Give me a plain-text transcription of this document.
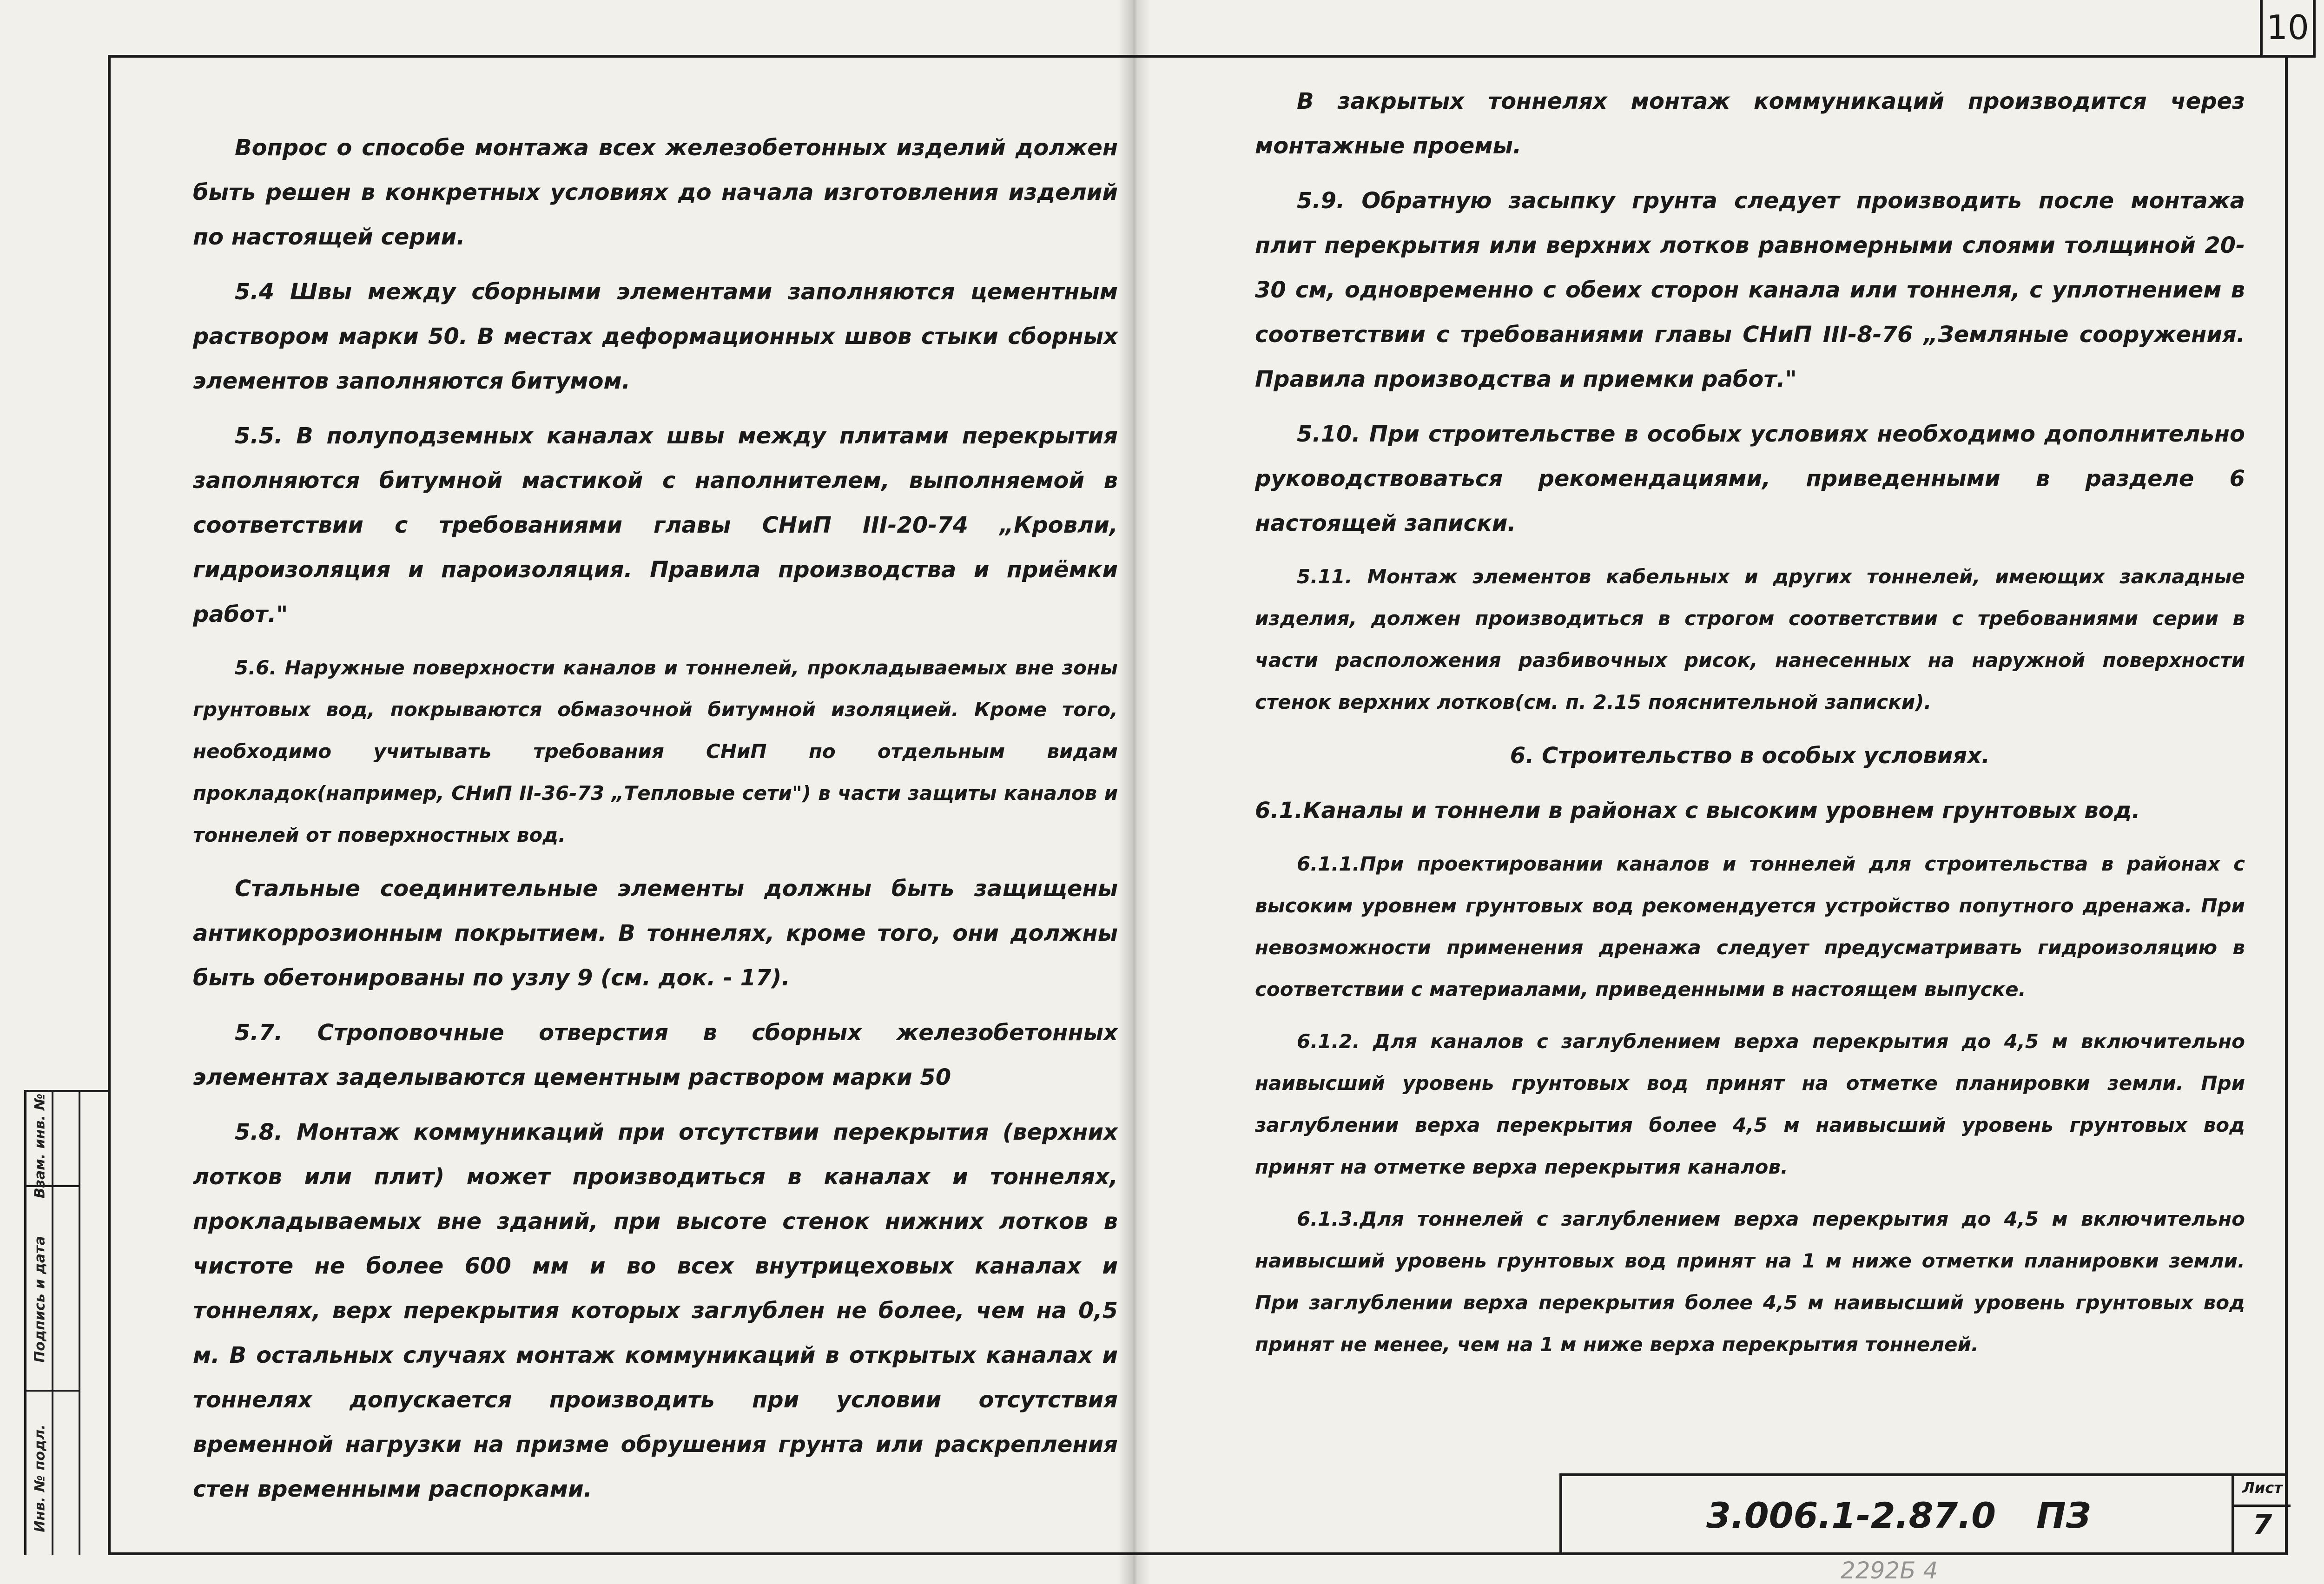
10
Взам. инв. №
Подпись и дата
Инв. № подл.

Вопрос о способе монтажа всех железобетонных изделий должен быть решен в конкретных условиях до начала изготовления изделий по настоящей серии.

5.4 Швы между сборными элементами заполняются цементным раствором марки 50. В местах деформационных швов стыки сборных элементов заполняются битумом.

5.5. В полуподземных каналах швы между плитами перекрытия заполняются битумной мастикой с наполнителем, выполняемой в соответствии с требованиями главы СНиП III-20-74 „Кровли, гидроизоляция и пароизоляция. Правила производства и приёмки работ."

5.6. Наружные поверхности каналов и тоннелей, прокладываемых вне зоны грунтовых вод, покрываются обмазочной битумной изоляцией. Кроме того, необходимо учитывать требования СНиП по отдельным видам прокладок(например, СНиП II-36-73 „Тепловые сети") в части защиты каналов и тоннелей от поверхностных вод.

Стальные соединительные элементы должны быть защищены антикоррозионным покрытием. В тоннелях, кроме того, они должны быть обетонированы по узлу 9 (см. док. - 17).

5.7. Строповочные отверстия в сборных железобетонных элементах заделываются цементным раствором марки 50

5.8. Монтаж коммуникаций при отсутствии перекрытия (верхних лотков или плит) может производиться в каналах и тоннелях, прокладываемых вне зданий, при высоте стенок нижних лотков в чистоте не более 600 мм и во всех внутрицеховых каналах и тоннелях, верх перекрытия которых заглублен не более, чем на 0,5 м. В остальных случаях монтаж коммуникаций в открытых каналах и тоннелях допускается производить при условии отсутствия временной нагрузки на призме обрушения грунта или раскрепления стен временными распорками.

В закрытых тоннелях монтаж коммуникаций производится через монтажные проемы.

5.9. Обратную засыпку грунта следует производить после монтажа плит перекрытия или верхних лотков равномерными слоями толщиной 20-30 см, одновременно с обеих сторон канала или тоннеля, с уплотнением в соответствии с требованиями главы СНиП III-8-76 „Земляные сооружения. Правила производства и приемки работ."

5.10. При строительстве в особых условиях необходимо дополнительно руководствоваться рекомендациями, приведенными в разделе 6 настоящей записки.

5.11. Монтаж элементов кабельных и других тоннелей, имеющих закладные изделия, должен производиться в строгом соответствии с требованиями серии в части расположения разбивочных рисок, нанесенных на наружной поверхности стенок верхних лотков(см. п. 2.15 пояснительной записки).

6. Строительство в особых условиях.

6.1.Каналы и тоннели в районах с высоким уровнем грунтовых вод.

6.1.1.При проектировании каналов и тоннелей для строительства в районах с высоким уровнем грунтовых вод рекомендуется устройство попутного дренажа. При невозможности применения дренажа следует предусматривать гидроизоляцию в соответствии с материалами, приведенными в настоящем выпуске.

6.1.2. Для каналов с заглублением верха перекрытия до 4,5 м включительно наивысший уровень грунтовых вод принят на отметке планировки земли. При заглублении верха перекрытия более 4,5 м наивысший уровень грунтовых вод принят на отметке верха перекрытия каналов.

6.1.3.Для тоннелей с заглублением верха перекрытия до 4,5 м включительно наивысший уровень грунтовых вод принят на 1 м ниже отметки планировки земли. При заглублении верха перекрытия более 4,5 м наивысший уровень грунтовых вод принят не менее, чем на 1 м ниже верха перекрытия тоннелей.

3.006.1-2.87.0 ПЗ
Лист
7
2292Б 4
